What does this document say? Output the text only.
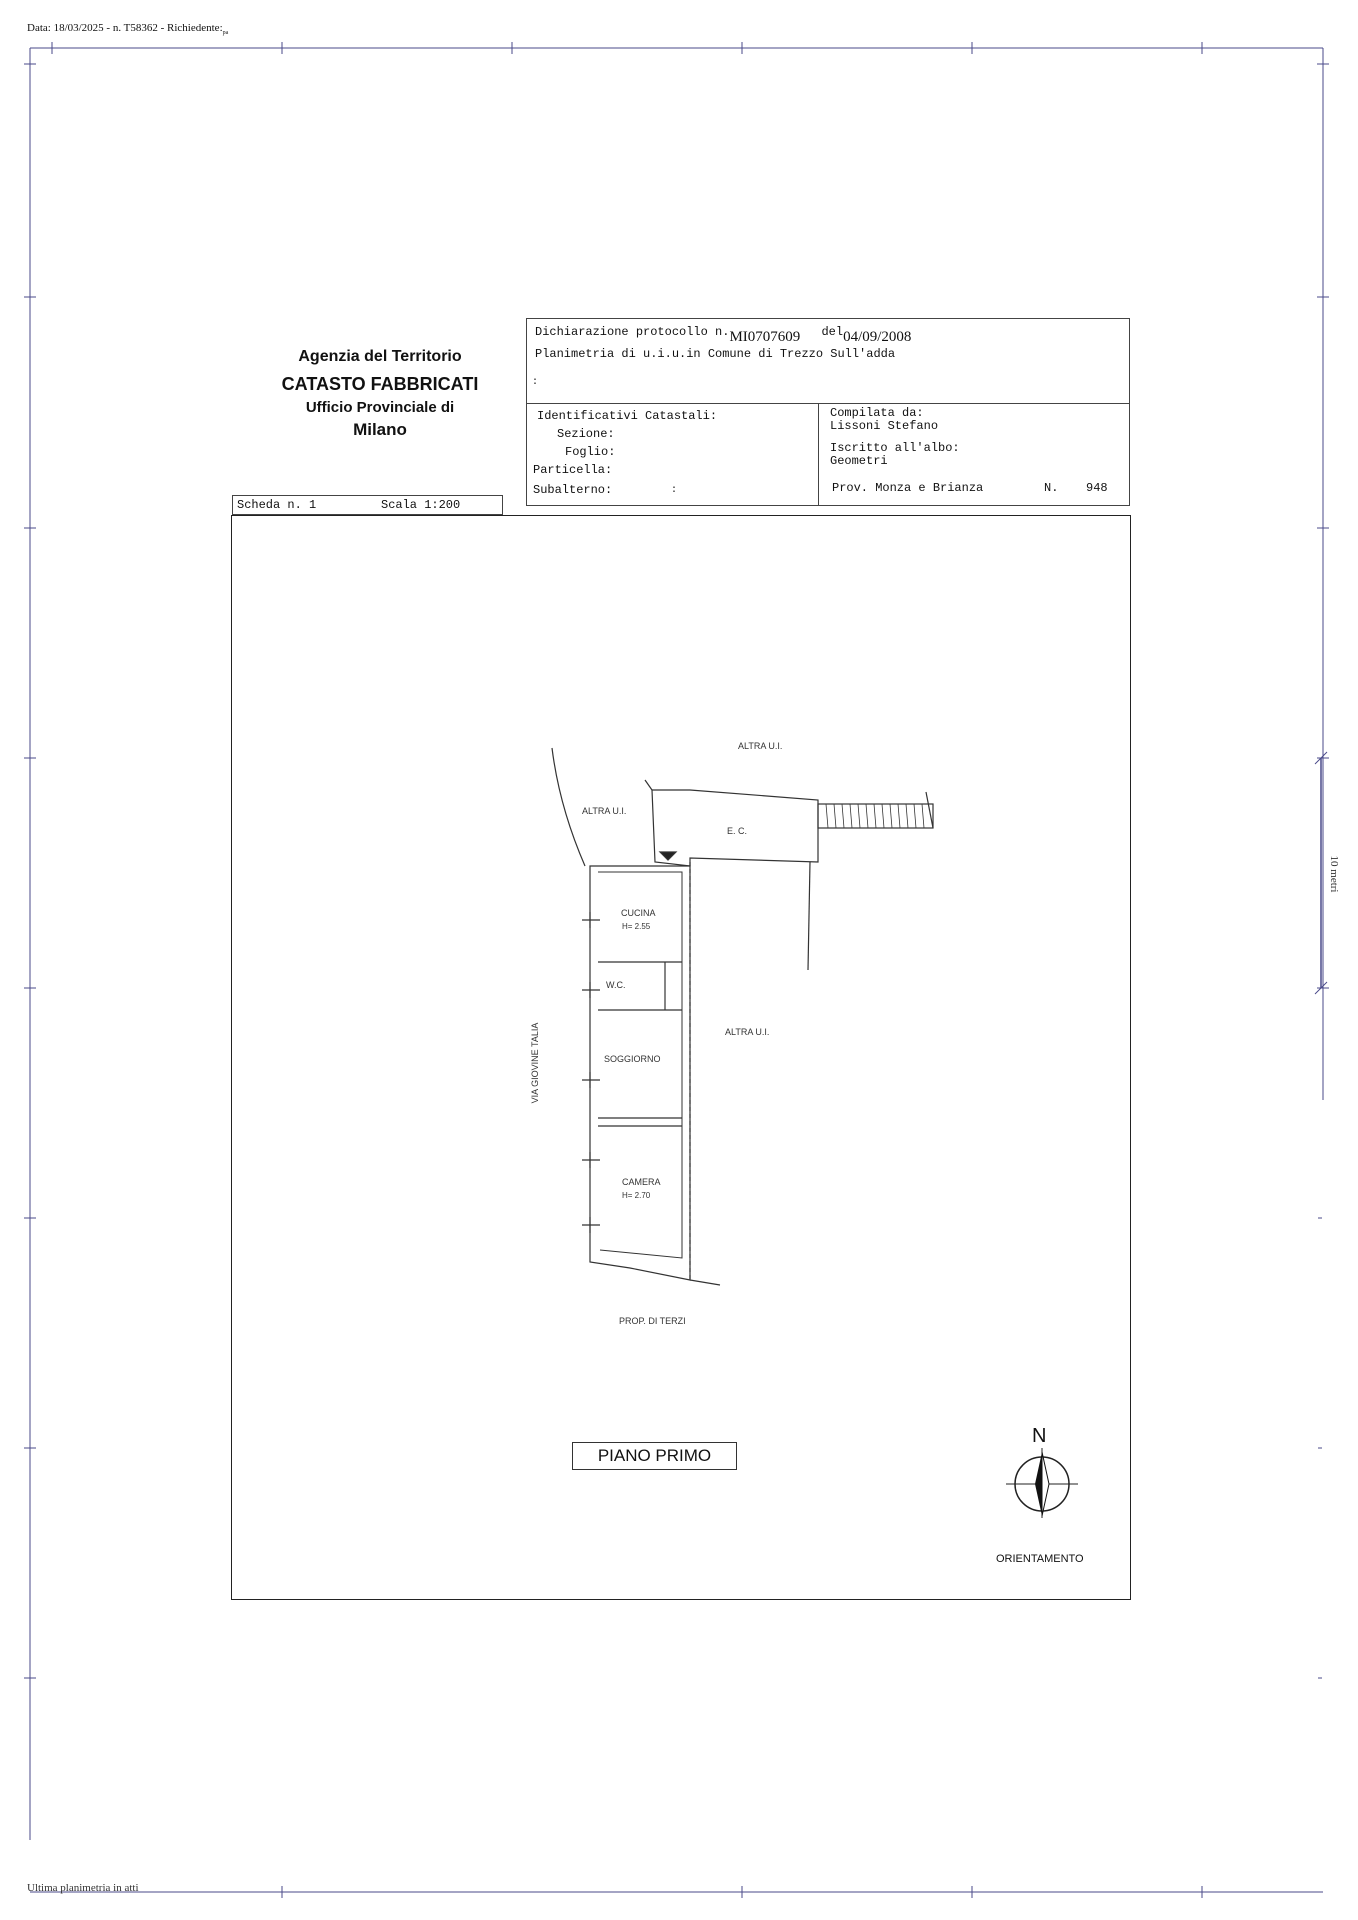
Data: 18/03/2025 - n. $T58362 - Richiedente:_{pa}$
10 metri
Agenzia del Territorio
CATASTO FABBRICATI
Ufficio Provinciale di
Milano
Dichiarazione protocollo n.MI0707609 del04/09/2008
Planimetria di u.i.u.in Comune di Trezzo Sull'adda
:
Identificativi Catastali:
Sezione:
Foglio:
Particella:
Subalterno:	:
Compilata da:
Lissoni Stefano
Iscritto all'albo:
Geometri
Prov. Monza e Brianza	N. 948
Scheda n. 1	Scala 1:200
ALTRA U.I.
ALTRA U.I.
E. C.
CUCINA
H= 2.55
W.C.
SOGGIORNO
CAMERA
H= 2.70
ALTRA U.I.
VIA GIOVINE TALIA
PROP. DI TERZI
PIANO PRIMO
N
ORIENTAMENTO
Ultima planimetria in atti
